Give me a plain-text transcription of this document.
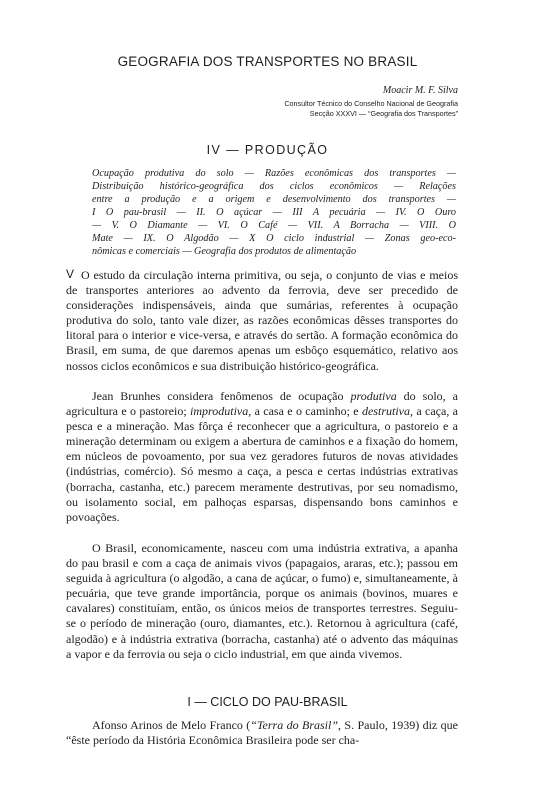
GEOGRAFIA DOS TRANSPORTES NO BRASIL
Moacir M. F. Silva
Consultor Técnico do Conselho Nacional de Geografia
Secção XXXVI — “Geografia dos Transportes”
IV — PRODUÇÃO
Ocupação produtiva do solo — Razões econômicas dos transportes —
Distribuição histórico-geográfica dos ciclos econômicos — Relações
entre a produção e a origem e desenvolvimento dos transportes —
I O pau-brasil — II. O açúcar — III A pecuária — IV. O Ouro
— V. O Diamante — VI. O Café — VII. A Borracha — VIII. O
Mate — IX. O Algodão — X O ciclo industrial — Zonas geo-eco-
nômicas e comerciais — Geografia dos produtos de alimentação
V O estudo da circulação interna primitiva, ou seja, o conjunto de vias e meios de transportes anteriores ao advento da ferrovia, deve ser precedido de considerações indispensáveis, ainda que sumárias, referentes à ocupação produtiva do solo, tanto vale dizer, as razões econômicas dêsses transportes do litoral para o interior e vice-versa, e através do sertão. A formação econômica do Brasil, em suma, de que daremos apenas um esbôço esquemático, relativo aos nossos ciclos econômicos e sua distribuição histórico-geográfica.
Jean Brunhes considera fenômenos de ocupação produtiva do solo, a agricultura e o pastoreio; improdutiva, a casa e o caminho; e destrutiva, a caça, a pesca e a mineração. Mas fôrça é reconhecer que a agricultura, o pastoreio e a mineração determinam ou exigem a abertura de caminhos e a fixação do homem, em núcleos de povoamento, por sua vez geradores futuros de novas atividades (indústrias, comércio). Só mesmo a caça, a pesca e certas indústrias extrativas (borracha, castanha, etc.) parecem meramente destrutivas, por seu nomadismo, ou isolamento social, em palhoças esparsas, dispensando bons caminhos e povoações.
O Brasil, economicamente, nasceu com uma indústria extrativa, a apanha do pau brasil e com a caça de animais vivos (papagaios, araras, etc.); passou em seguida à agricultura (o algodão, a cana de açúcar, o fumo) e, simultaneamente, à pecuária, que teve grande importância, porque os animais (bovinos, muares e cavalares) constituíam, então, os únicos meios de transportes terrestres. Seguiu-se o período de mineração (ouro, diamantes, etc.). Retornou à agricultura (café, algodão) e à indústria extrativa (borracha, castanha) até o advento das máquinas a vapor e da ferrovia ou seja o ciclo industrial, em que ainda vivemos.
I — CICLO DO PAU-BRASIL
Afonso Arinos de Melo Franco (“Terra do Brasil”, S. Paulo, 1939) diz que “êste período da História Econômica Brasileira pode ser cha-
